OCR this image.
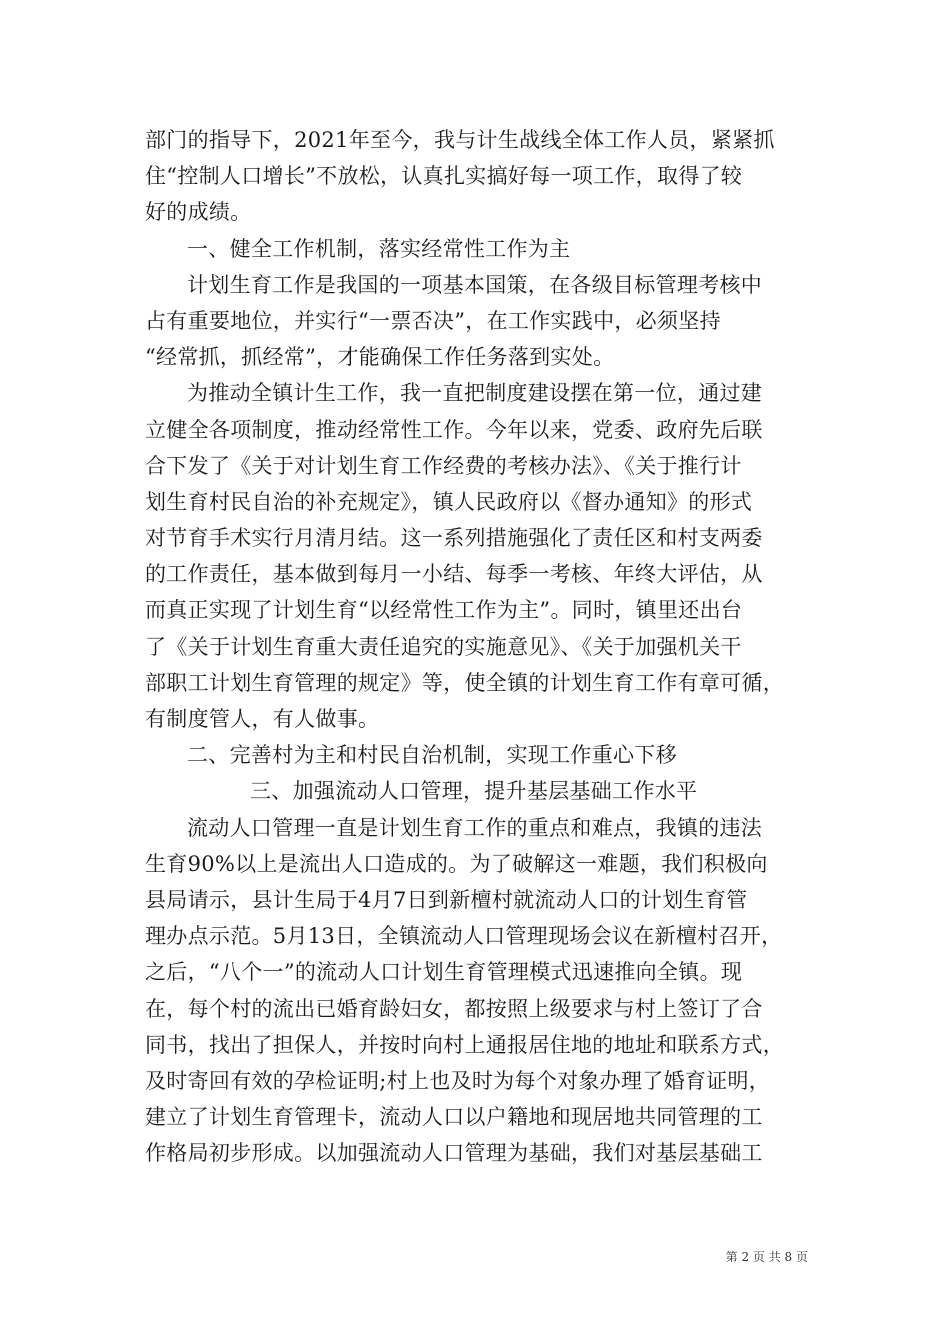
部门的指导下，2021年至今，我与计生战线全体工作人员，紧紧抓
住“控制人口增长”不放松，认真扎实搞好每一项工作，取得了较
好的成绩。
一、健全工作机制，落实经常性工作为主
计划生育工作是我国的一项基本国策，在各级目标管理考核中
占有重要地位，并实行“一票否决”，在工作实践中，必须坚持
“经常抓，抓经常”，才能确保工作任务落到实处。
为推动全镇计生工作，我一直把制度建设摆在第一位，通过建
立健全各项制度，推动经常性工作。今年以来，党委、政府先后联
合下发了《关于对计划生育工作经费的考核办法》、《关于推行计
划生育村民自治的补充规定》，镇人民政府以《督办通知》的形式
对节育手术实行月清月结。这一系列措施强化了责任区和村支两委
的工作责任，基本做到每月一小结、每季一考核、年终大评估，从
而真正实现了计划生育“以经常性工作为主”。同时，镇里还出台
了《关于计划生育重大责任追究的实施意见》、《关于加强机关干
部职工计划生育管理的规定》等，使全镇的计划生育工作有章可循，
有制度管人，有人做事。
二、完善村为主和村民自治机制，实现工作重心下移
三、加强流动人口管理，提升基层基础工作水平
流动人口管理一直是计划生育工作的重点和难点，我镇的违法
生育90%以上是流出人口造成的。为了破解这一难题，我们积极向
县局请示，县计生局于4月7日到新檀村就流动人口的计划生育管
理办点示范。5月13日，全镇流动人口管理现场会议在新檀村召开，
之后，“八个一”的流动人口计划生育管理模式迅速推向全镇。现
在，每个村的流出已婚育龄妇女，都按照上级要求与村上签订了合
同书，找出了担保人，并按时向村上通报居住地的地址和联系方式，
及时寄回有效的孕检证明;村上也及时为每个对象办理了婚育证明，
建立了计划生育管理卡，流动人口以户籍地和现居地共同管理的工
作格局初步形成。以加强流动人口管理为基础，我们对基层基础工
第 2 页 共 8 页
